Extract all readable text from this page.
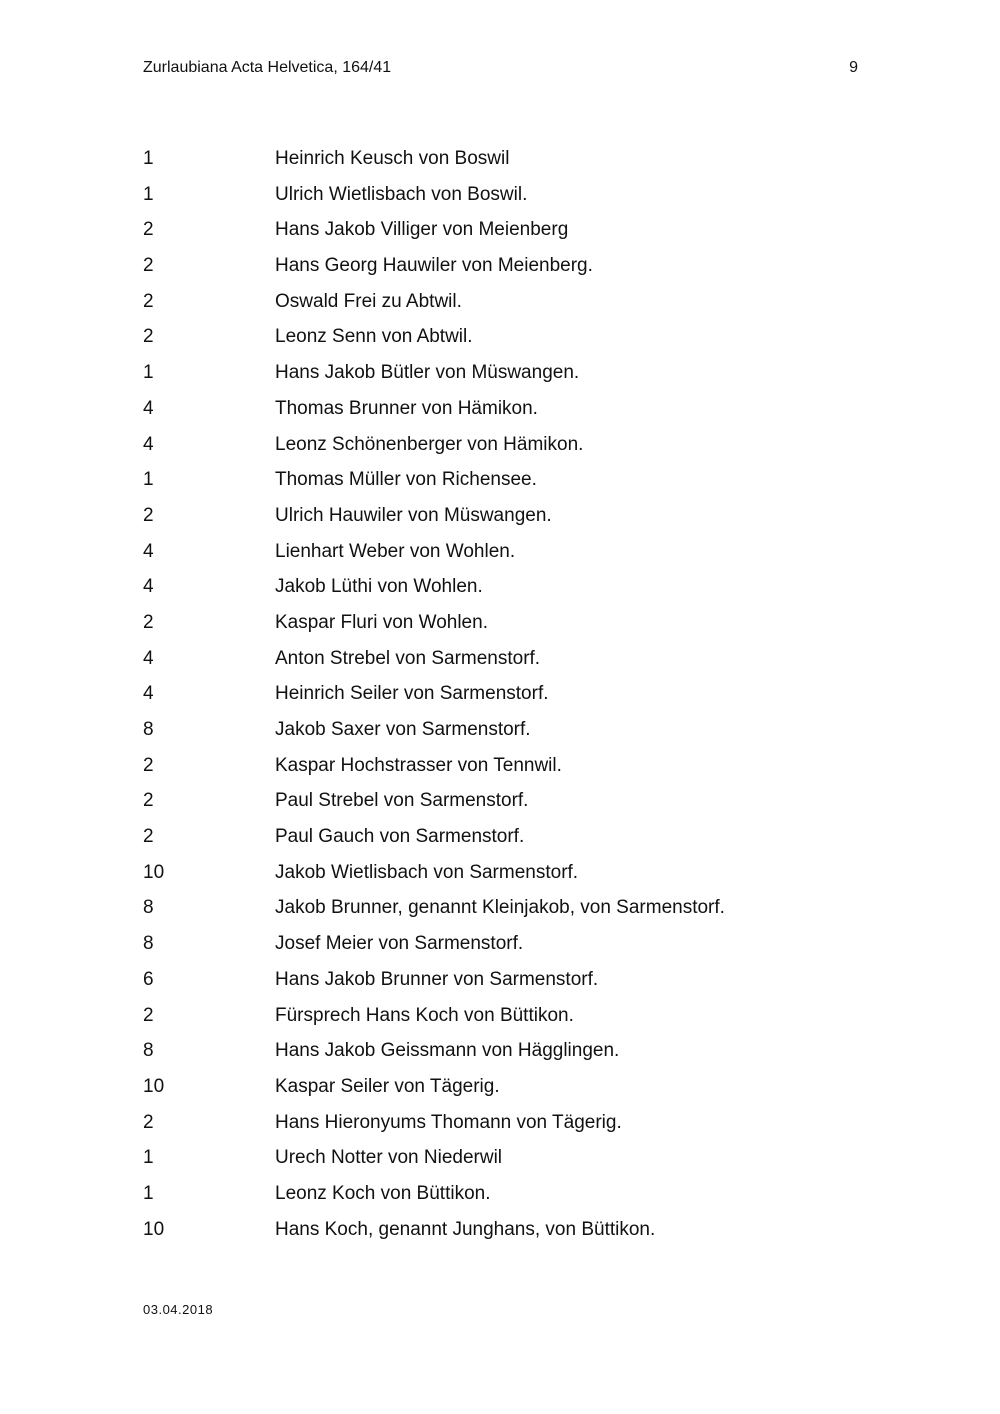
Zurlaubiana Acta Helvetica, 164/41	9
1	Heinrich Keusch von Boswil
1	Ulrich Wietlisbach von Boswil.
2	Hans Jakob Villiger von Meienberg
2	Hans Georg Hauwiler von Meienberg.
2	Oswald Frei zu Abtwil.
2	Leonz Senn von Abtwil.
1	Hans Jakob Bütler von Müswangen.
4	Thomas Brunner von Hämikon.
4	Leonz Schönenberger von Hämikon.
1	Thomas Müller von Richensee.
2	Ulrich Hauwiler von Müswangen.
4	Lienhart Weber von Wohlen.
4	Jakob Lüthi von Wohlen.
2	Kaspar Fluri von Wohlen.
4	Anton Strebel von Sarmenstorf.
4	Heinrich Seiler von Sarmenstorf.
8	Jakob Saxer von Sarmenstorf.
2	Kaspar Hochstrasser von Tennwil.
2	Paul Strebel von Sarmenstorf.
2	Paul Gauch von Sarmenstorf.
10	Jakob Wietlisbach von Sarmenstorf.
8	Jakob Brunner, genannt Kleinjakob, von Sarmenstorf.
8	Josef Meier von Sarmenstorf.
6	Hans Jakob Brunner von Sarmenstorf.
2	Fürsprech Hans Koch von Büttikon.
8	Hans Jakob Geissmann von Hägglingen.
10	Kaspar Seiler von Tägerig.
2	Hans Hieronyums Thomann von Tägerig.
1	Urech Notter von Niederwil
1	Leonz Koch von Büttikon.
10	Hans Koch, genannt Junghans, von Büttikon.
03.04.2018
